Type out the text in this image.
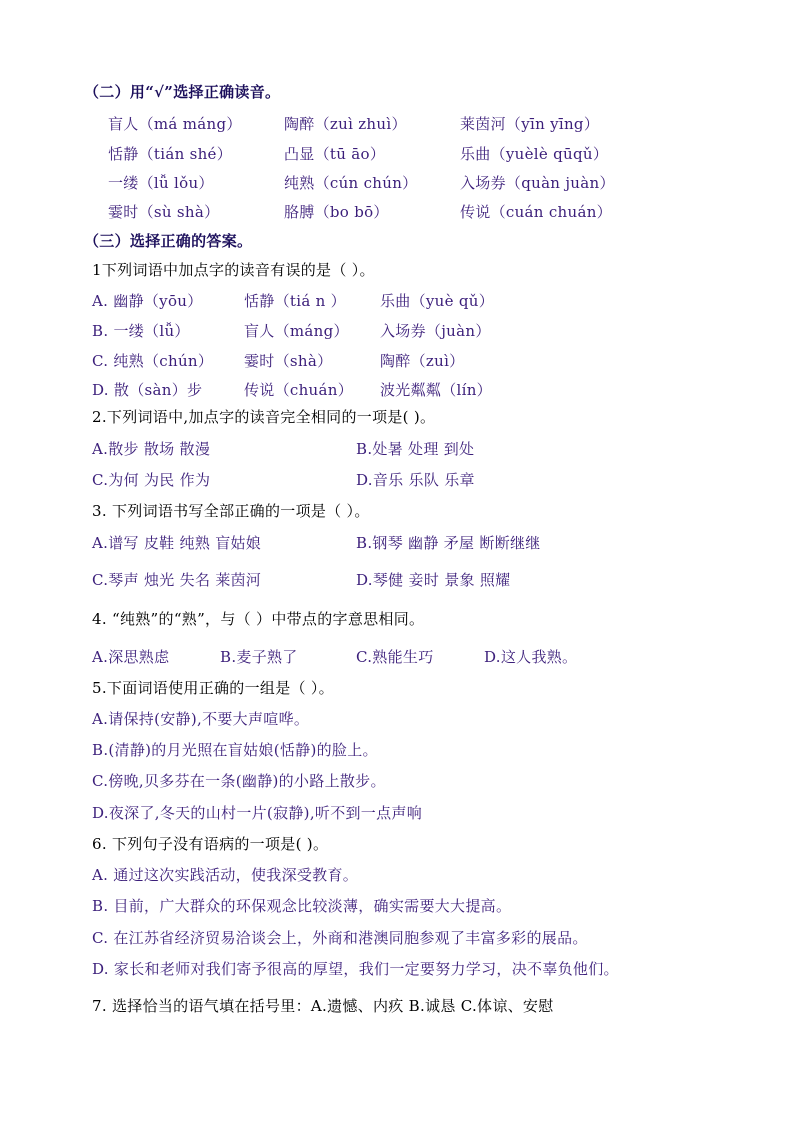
（二）用“√”选择正确读音。
盲人（má máng）	陶醉（zuì zhuì）	莱茵河（yīn yīng）
恬静（tián shé）	凸显（tū āo）	乐曲（yuèlè qūqǔ）
一缕（lǚ lǒu）	纯熟（cún chún）	入场券（quàn juàn）
霎时（sù shà）	胳膊（bo bō）	传说（cuán chuán）
（三）选择正确的答案。
1下列词语中加点字的读音有误的是（ ）。
A. 幽静（yōu）	恬静（tiá n ） 乐曲（yuè qǔ）
B. 一缕（lǚ）	盲人（máng） 入场券（juàn）
C. 纯熟（chún） 霎时（shà）	陶醉（zuì）
D. 散（sàn）步	传说（chuán） 波光粼粼（lín）
2.下列词语中,加点字的读音完全相同的一项是( )。
A.散步 散场 散漫	B.处暑 处理 到处
C.为何 为民 作为	D.音乐 乐队 乐章
3. 下列词语书写全部正确的一项是（ ）。
A.谱写 皮鞋 纯熟 盲姑娘	B.钢琴 幽静 矛屋 断断继继
C.琴声 烛光 失名 莱茵河	D.琴健 妾时 景象 照耀
4. “纯熟”的“熟”，与（ ）中带点的字意思相同。
A.深思熟虑	B.麦子熟了	C.熟能生巧	D.这人我熟。
5.下面词语使用正确的一组是（ ）。
A.请保持(安静),不要大声喧哗。
B.(清静)的月光照在盲姑娘(恬静)的脸上。
C.傍晚,贝多芬在一条(幽静)的小路上散步。
D.夜深了,冬天的山村一片(寂静),听不到一点声响
6. 下列句子没有语病的一项是( )。
A. 通过这次实践活动，使我深受教育。
B. 目前，广大群众的环保观念比较淡薄，确实需要大大提高。
C. 在江苏省经济贸易洽谈会上，外商和港澳同胞参观了丰富多彩的展品。
D. 家长和老师对我们寄予很高的厚望，我们一定要努力学习，决不辜负他们。
7. 选择恰当的语气填在括号里：A.遗憾、内疚 B.诚恳 C.体谅、安慰
